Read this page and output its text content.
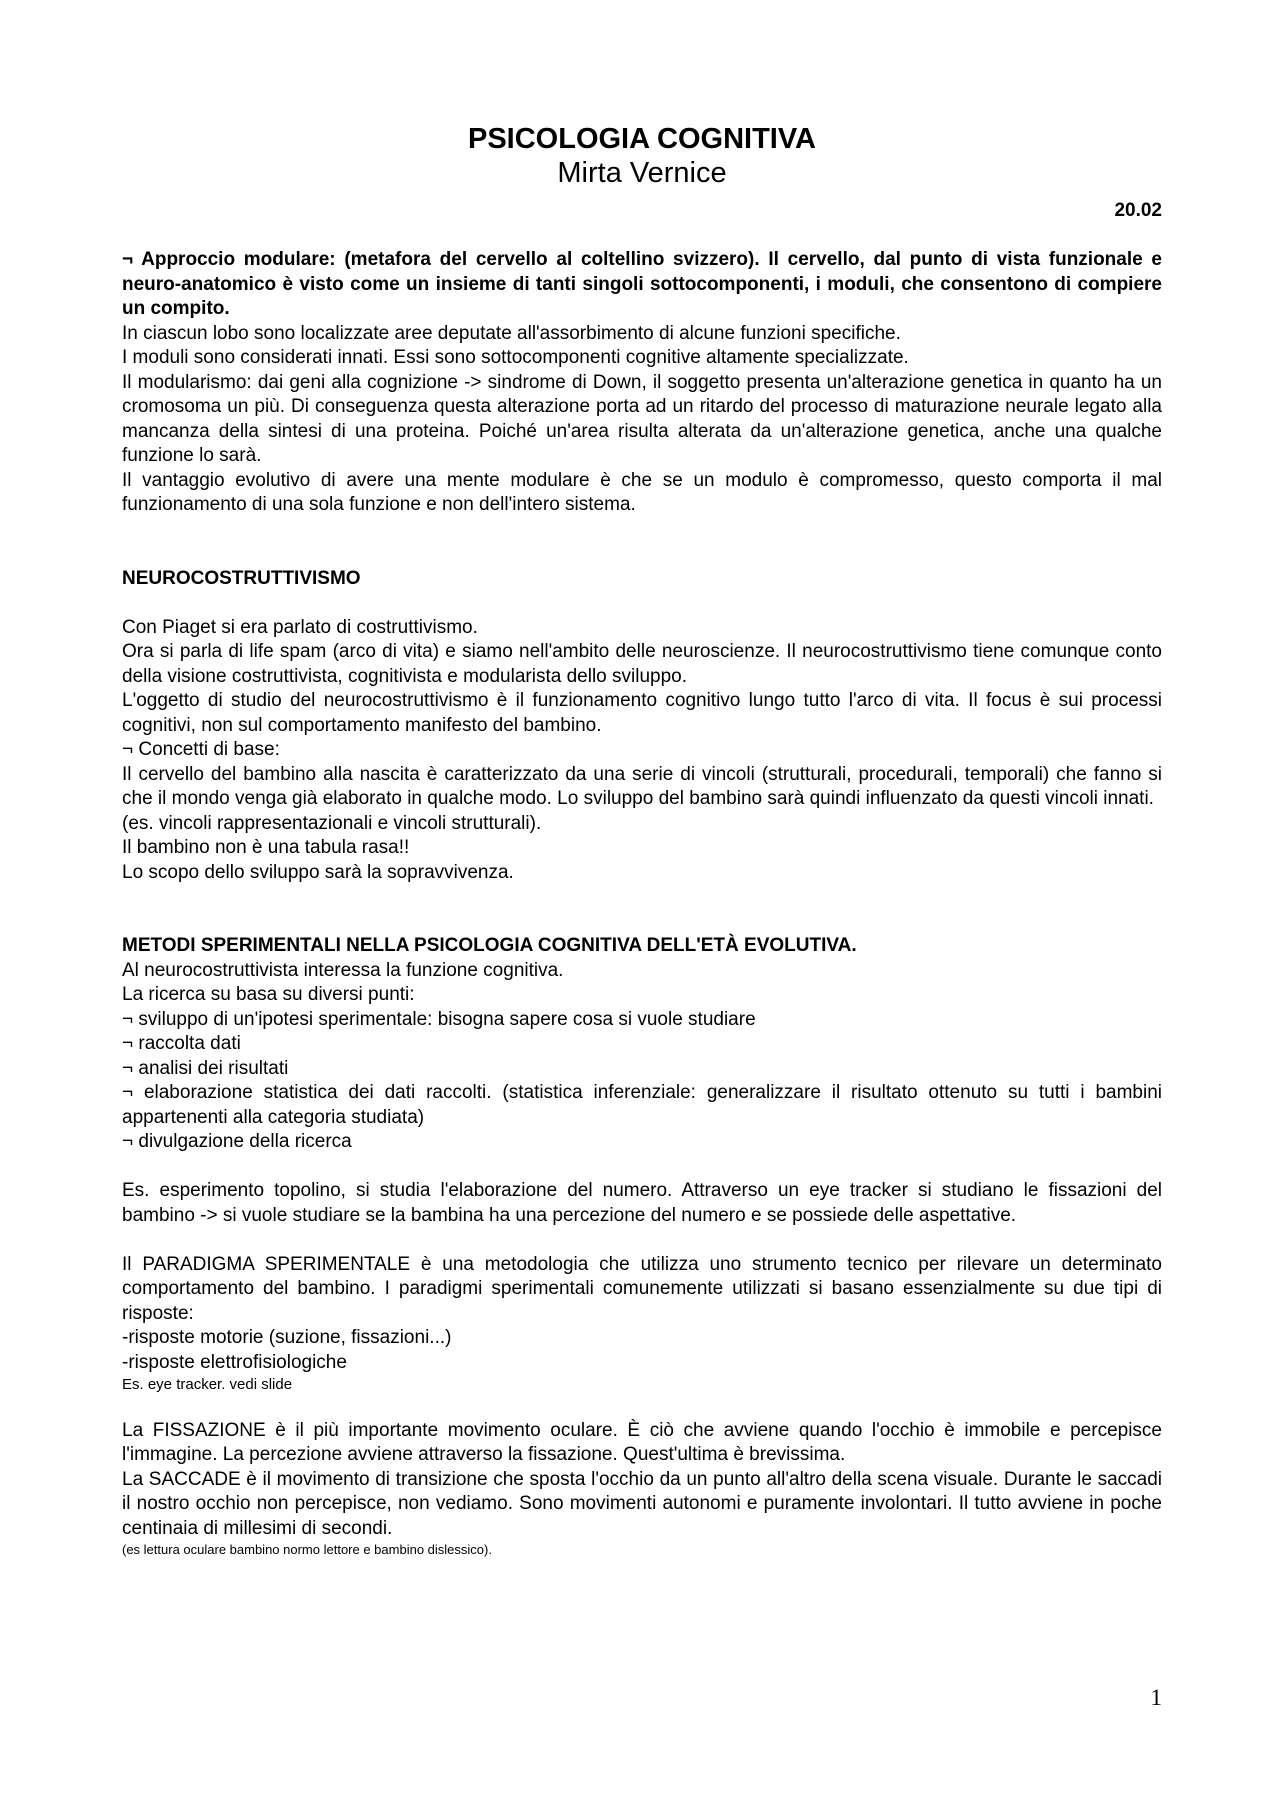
PSICOLOGIA COGNITIVA
Mirta Vernice
20.02

¬ Approccio modulare: (metafora del cervello al coltellino svizzero). Il cervello, dal punto di vista funzionale e neuro-anatomico è visto come un insieme di tanti singoli sottocomponenti, i moduli, che consentono di compiere un compito.

In ciascun lobo sono localizzate aree deputate all'assorbimento di alcune funzioni specifiche.

I moduli sono considerati innati. Essi sono sottocomponenti cognitive altamente specializzate.

Il modularismo: dai geni alla cognizione -> sindrome di Down, il soggetto presenta un'alterazione genetica in quanto ha un cromosoma un più. Di conseguenza questa alterazione porta ad un ritardo del processo di maturazione neurale legato alla mancanza della sintesi di una proteina. Poiché un'area risulta alterata da un'alterazione genetica, anche una qualche funzione lo sarà.

Il vantaggio evolutivo di avere una mente modulare è che se un modulo è compromesso, questo comporta il mal funzionamento di una sola funzione e non dell'intero sistema.

NEUROCOSTRUTTIVISMO

Con Piaget si era parlato di costruttivismo.

Ora si parla di life spam (arco di vita) e siamo nell'ambito delle neuroscienze. Il neurocostruttivismo tiene comunque conto della visione costruttivista, cognitivista e modularista dello sviluppo.

L'oggetto di studio del neurocostruttivismo è il funzionamento cognitivo lungo tutto l'arco di vita. Il focus è sui processi cognitivi, non sul comportamento manifesto del bambino.

¬ Concetti di base:

Il cervello del bambino alla nascita è caratterizzato da una serie di vincoli (strutturali, procedurali, temporali) che fanno si che il mondo venga già elaborato in qualche modo. Lo sviluppo del bambino sarà quindi influenzato da questi vincoli innati.

(es. vincoli rappresentazionali e vincoli strutturali).

Il bambino non è una tabula rasa!!

Lo scopo dello sviluppo sarà la sopravvivenza.

METODI SPERIMENTALI NELLA PSICOLOGIA COGNITIVA DELL'ETÀ EVOLUTIVA.

Al neurocostruttivista interessa la funzione cognitiva.

La ricerca su basa su diversi punti:

¬ sviluppo di un'ipotesi sperimentale: bisogna sapere cosa si vuole studiare

¬ raccolta dati

¬ analisi dei risultati

¬ elaborazione statistica dei dati raccolti. (statistica inferenziale: generalizzare il risultato ottenuto su tutti i bambini appartenenti alla categoria studiata)

¬ divulgazione della ricerca

Es. esperimento topolino, si studia l'elaborazione del numero. Attraverso un eye tracker si studiano le fissazioni del bambino -> si vuole studiare se la bambina ha una percezione del numero e se possiede delle aspettative.

Il PARADIGMA SPERIMENTALE è una metodologia che utilizza uno strumento tecnico per rilevare un determinato comportamento del bambino. I paradigmi sperimentali comunemente utilizzati si basano essenzialmente su due tipi di risposte:

-risposte motorie (suzione, fissazioni...)

-risposte elettrofisiologiche

Es. eye tracker. vedi slide

La FISSAZIONE è il più importante movimento oculare. È ciò che avviene quando l'occhio è immobile e percepisce l'immagine. La percezione avviene attraverso la fissazione. Quest'ultima è brevissima.

La SACCADE è il movimento di transizione che sposta l'occhio da un punto all'altro della scena visuale. Durante le saccadi il nostro occhio non percepisce, non vediamo. Sono movimenti autonomi e puramente involontari. Il tutto avviene in poche centinaia di millesimi di secondi.

(es lettura oculare bambino normo lettore e bambino dislessico).

1
